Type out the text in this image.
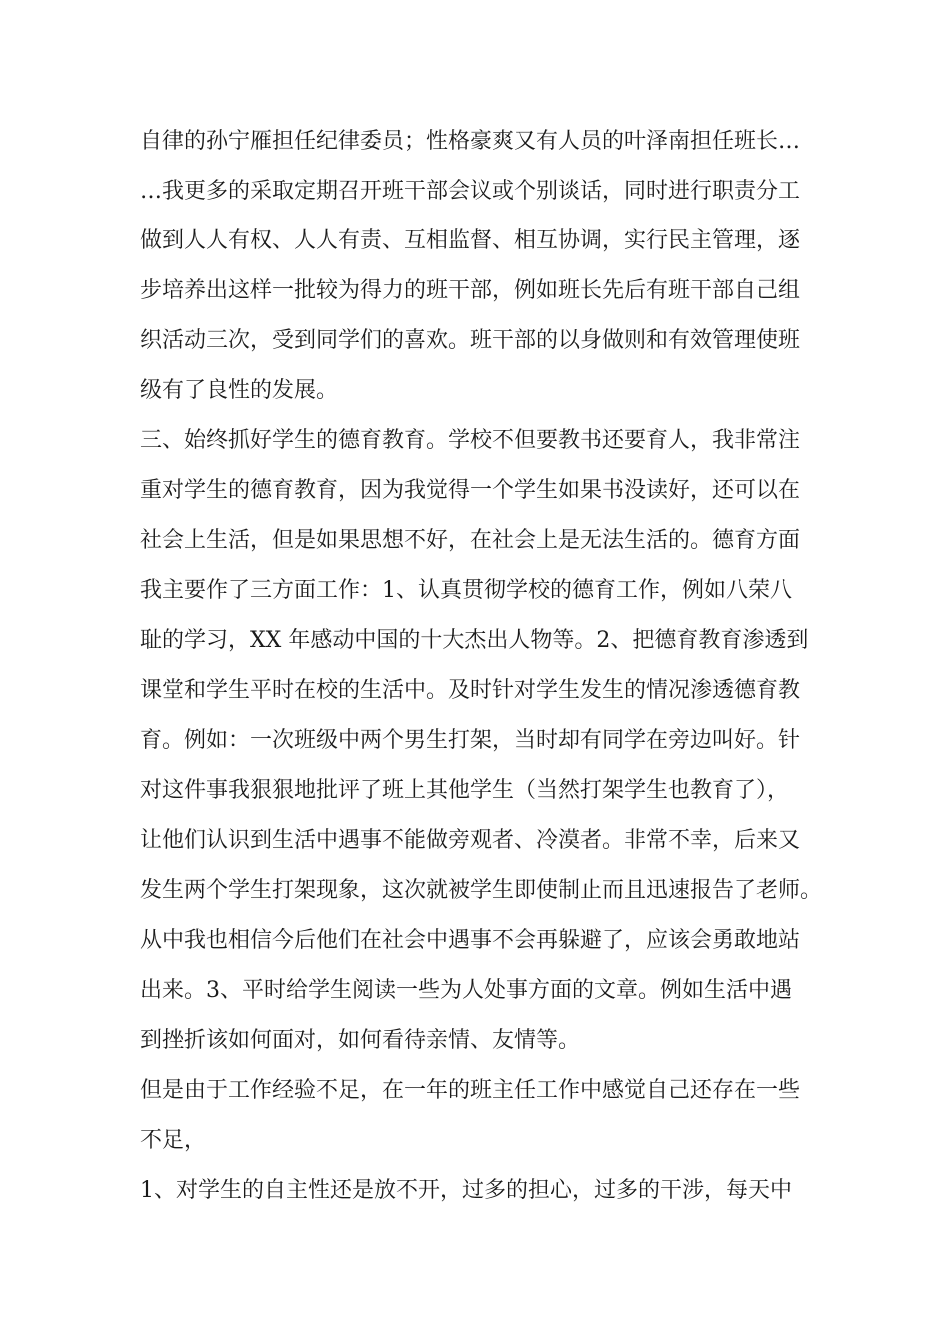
自律的孙宁雁担任纪律委员；性格豪爽又有人员的叶泽南担任班长…
…我更多的采取定期召开班干部会议或个别谈话，同时进行职责分工
做到人人有权、人人有责、互相监督、相互协调，实行民主管理，逐
步培养出这样一批较为得力的班干部，例如班长先后有班干部自己组
织活动三次，受到同学们的喜欢。班干部的以身做则和有效管理使班
级有了良性的发展。
三、始终抓好学生的德育教育。学校不但要教书还要育人，我非常注
重对学生的德育教育，因为我觉得一个学生如果书没读好，还可以在
社会上生活，但是如果思想不好，在社会上是无法生活的。德育方面
我主要作了三方面工作：1、认真贯彻学校的德育工作，例如八荣八
耻的学习，XX 年感动中国的十大杰出人物等。2、把德育教育渗透到
课堂和学生平时在校的生活中。及时针对学生发生的情况渗透德育教
育。例如：一次班级中两个男生打架，当时却有同学在旁边叫好。针
对这件事我狠狠地批评了班上其他学生（当然打架学生也教育了），
让他们认识到生活中遇事不能做旁观者、冷漠者。非常不幸，后来又
发生两个学生打架现象，这次就被学生即使制止而且迅速报告了老师。
从中我也相信今后他们在社会中遇事不会再躲避了，应该会勇敢地站
出来。3、平时给学生阅读一些为人处事方面的文章。例如生活中遇
到挫折该如何面对，如何看待亲情、友情等。
但是由于工作经验不足，在一年的班主任工作中感觉自己还存在一些
不足，
1、对学生的自主性还是放不开，过多的担心，过多的干涉，每天中
